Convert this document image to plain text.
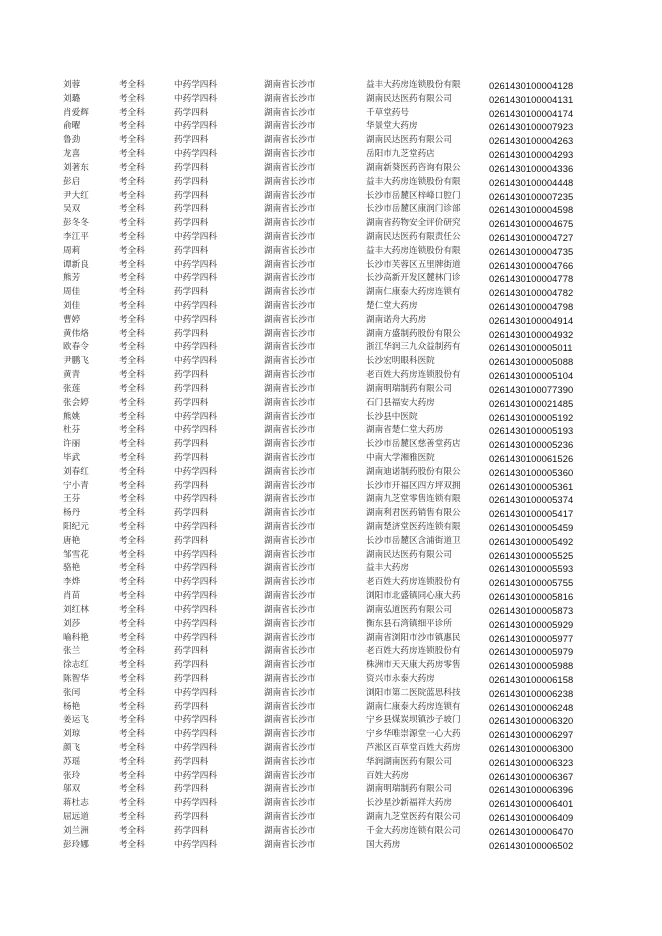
刘蓉	考全科	中药学四科	湖南省长沙市	益丰大药房连锁股份有限	0261430100004128
刘璐	考全科	中药学四科	湖南省长沙市	湖南民达医药有限公司	0261430100004131
肖爱辉	考全科	药学四科	湖南省长沙市	千草堂药号	0261430100004174
俞曜	考全科	中药学四科	湖南省长沙市	华景堂大药房	0261430100007923
鲁劲	考全科	药学四科	湖南省长沙市	湖南民达医药有限公司	0261430100004263
龙喜	考全科	中药学四科	湖南省长沙市	岳阳市九芝堂药店	0261430100004293
刘著东	考全科	药学四科	湖南省长沙市	湖南新葵医药咨询有限公	0261430100004336
彭启	考全科	药学四科	湖南省长沙市	益丰大药房连锁股份有限	0261430100004448
尹大红	考全科	药学四科	湖南省长沙市	长沙市岳麓区梓峰口腔门	0261430100007235
吴双	考全科	药学四科	湖南省长沙市	长沙市岳麓区康润门诊部	0261430100004598
彭冬冬	考全科	药学四科	湖南省长沙市	湖南省药物安全评价研究	0261430100004675
李江平	考全科	中药学四科	湖南省长沙市	湖南民达医药有限责任公	0261430100004727
周莉	考全科	药学四科	湖南省长沙市	益丰大药房连锁股份有限	0261430100004735
谭新良	考全科	中药学四科	湖南省长沙市	长沙市芙蓉区五里牌街道	0261430100004766
熊芳	考全科	中药学四科	湖南省长沙市	长沙高新开发区麓林门诊	0261430100004778
周佳	考全科	药学四科	湖南省长沙市	湖南仁康泰大药房连锁有	0261430100004782
刘佳	考全科	中药学四科	湖南省长沙市	楚仁堂大药房	0261430100004798
曹婷	考全科	中药学四科	湖南省长沙市	湖南诺舟大药房	0261430100004914
黄伟烙	考全科	药学四科	湖南省长沙市	湖南方盛制药股份有限公	0261430100004932
欧春令	考全科	中药学四科	湖南省长沙市	浙江华润三九众益制药有	0261430100005011
尹鹏飞	考全科	中药学四科	湖南省长沙市	长沙宏明眼科医院	0261430100005088
黄青	考全科	药学四科	湖南省长沙市	老百姓大药房连锁股份有	0261430100005104
张莲	考全科	药学四科	湖南省长沙市	湖南明瑞制药有限公司	0261430100077390
张会婷	考全科	药学四科	湖南省长沙市	石门县福安大药房	0261430100021485
熊姚	考全科	中药学四科	湖南省长沙市	长沙县中医院	0261430100005192
杜芬	考全科	中药学四科	湖南省长沙市	湖南省楚仁堂大药房	0261430100005193
许丽	考全科	药学四科	湖南省长沙市	长沙市岳麓区慈善堂药店	0261430100005236
毕武	考全科	药学四科	湖南省长沙市	中南大学湘雅医院	0261430100061526
刘春红	考全科	中药学四科	湖南省长沙市	湖南迪诺制药股份有限公	0261430100005360
宁小青	考全科	药学四科	湖南省长沙市	长沙市开福区四方坪双拥	0261430100005361
王芬	考全科	中药学四科	湖南省长沙市	湖南九芝堂零售连锁有限	0261430100005374
杨丹	考全科	药学四科	湖南省长沙市	湖南利君医药销售有限公	0261430100005417
阳纪元	考全科	中药学四科	湖南省长沙市	湖南楚济堂医药连锁有限	0261430100005459
唐艳	考全科	药学四科	湖南省长沙市	长沙市岳麓区含浦街道卫	0261430100005492
邹雪花	考全科	中药学四科	湖南省长沙市	湖南民达医药有限公司	0261430100005525
骆艳	考全科	中药学四科	湖南省长沙市	益丰大药房	0261430100005593
李烨	考全科	中药学四科	湖南省长沙市	老百姓大药房连锁股份有	0261430100005755
肖苗	考全科	中药学四科	湖南省长沙市	浏阳市北盛镇同心康大药	0261430100005816
刘红林	考全科	中药学四科	湖南省长沙市	湖南弘道医药有限公司	0261430100005873
刘莎	考全科	中药学四科	湖南省长沙市	衡东县石湾镇细平诊所	0261430100005929
喻科艳	考全科	中药学四科	湖南省长沙市	湖南省浏阳市沙市镇惠民	0261430100005977
张兰	考全科	药学四科	湖南省长沙市	老百姓大药房连锁股份有	0261430100005979
徐志红	考全科	药学四科	湖南省长沙市	株洲市天天康大药房零售	0261430100005988
陈智华	考全科	药学四科	湖南省长沙市	资兴市永泰大药房	0261430100006158
张闰	考全科	中药学四科	湖南省长沙市	浏阳市第二医院蓝思科技	0261430100006238
杨艳	考全科	药学四科	湖南省长沙市	湖南仁康泰大药房连锁有	0261430100006248
姜运飞	考全科	中药学四科	湖南省长沙市	宁乡县煤炭坝镇沙子坡门	0261430100006320
刘琼	考全科	中药学四科	湖南省长沙市	宁乡华唯崇源堂一心大药	0261430100006297
颜飞	考全科	中药学四科	湖南省长沙市	芦淞区百草堂百姓大药房	0261430100006300
苏瑶	考全科	药学四科	湖南省长沙市	华润湖南医药有限公司	0261430100006323
张玲	考全科	中药学四科	湖南省长沙市	百姓大药房	0261430100006367
邬双	考全科	药学四科	湖南省长沙市	湖南明瑞制药有限公司	0261430100006396
蒋杜志	考全科	中药学四科	湖南省长沙市	长沙星沙新福祥大药房	0261430100006401
屈远道	考全科	药学四科	湖南省长沙市	湖南九芝堂医药有限公司	0261430100006409
刘兰洲	考全科	药学四科	湖南省长沙市	千金大药房连锁有限公司	0261430100006470
彭玲娜	考全科	中药学四科	湖南省长沙市	国大药房	0261430100006502
